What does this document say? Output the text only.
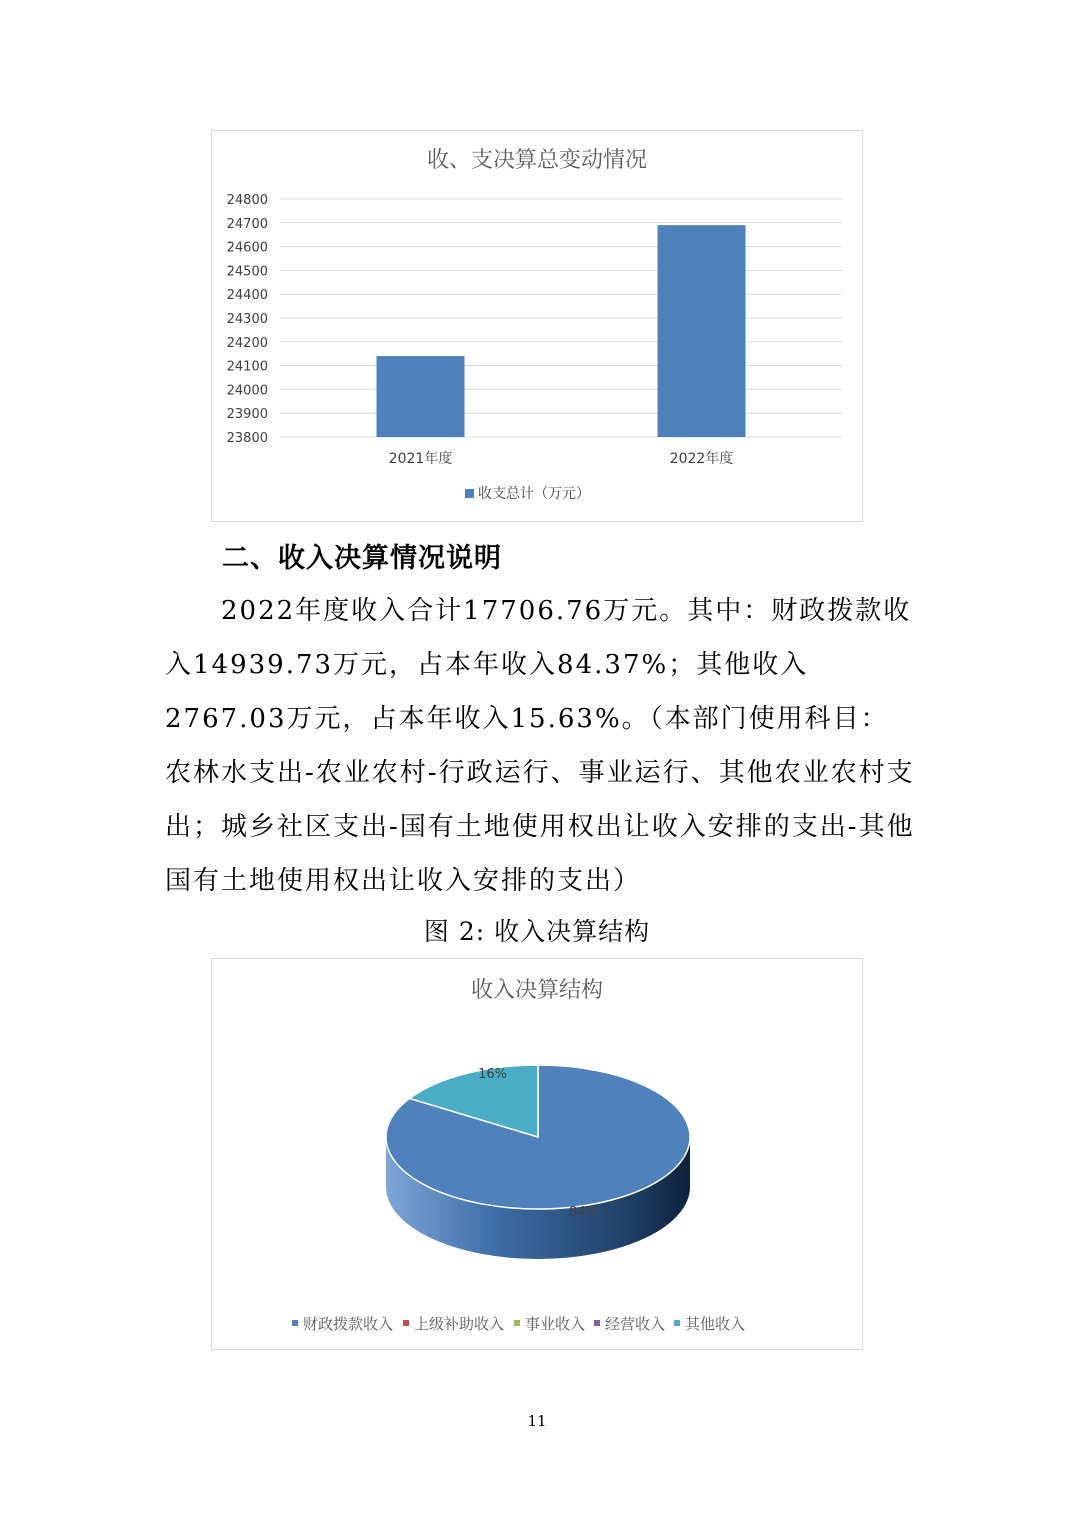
收、支决算总变动情况
23800
23900
24000
24100
24200
24300
24400
24500
24600
24700
24800
2021年度	2022年度
收支总计（万元）
二、收入决算情况说明
2022年度收入合计17706.76万元。其中：财政拨款收入14939.73万元，占本年收入84.37%；其他收入2767.03万元，占本年收入15.63%。（本部门使用科目：农林水支出-农业农村-行政运行、事业运行、其他农业农村支出；城乡社区支出-国有土地使用权出让收入安排的支出-其他国有土地使用权出让收入安排的支出）
图 2: 收入决算结构
收入决算结构
84%
16%
财政拨款收入 上级补助收入 事业收入 经营收入 其他收入
11
